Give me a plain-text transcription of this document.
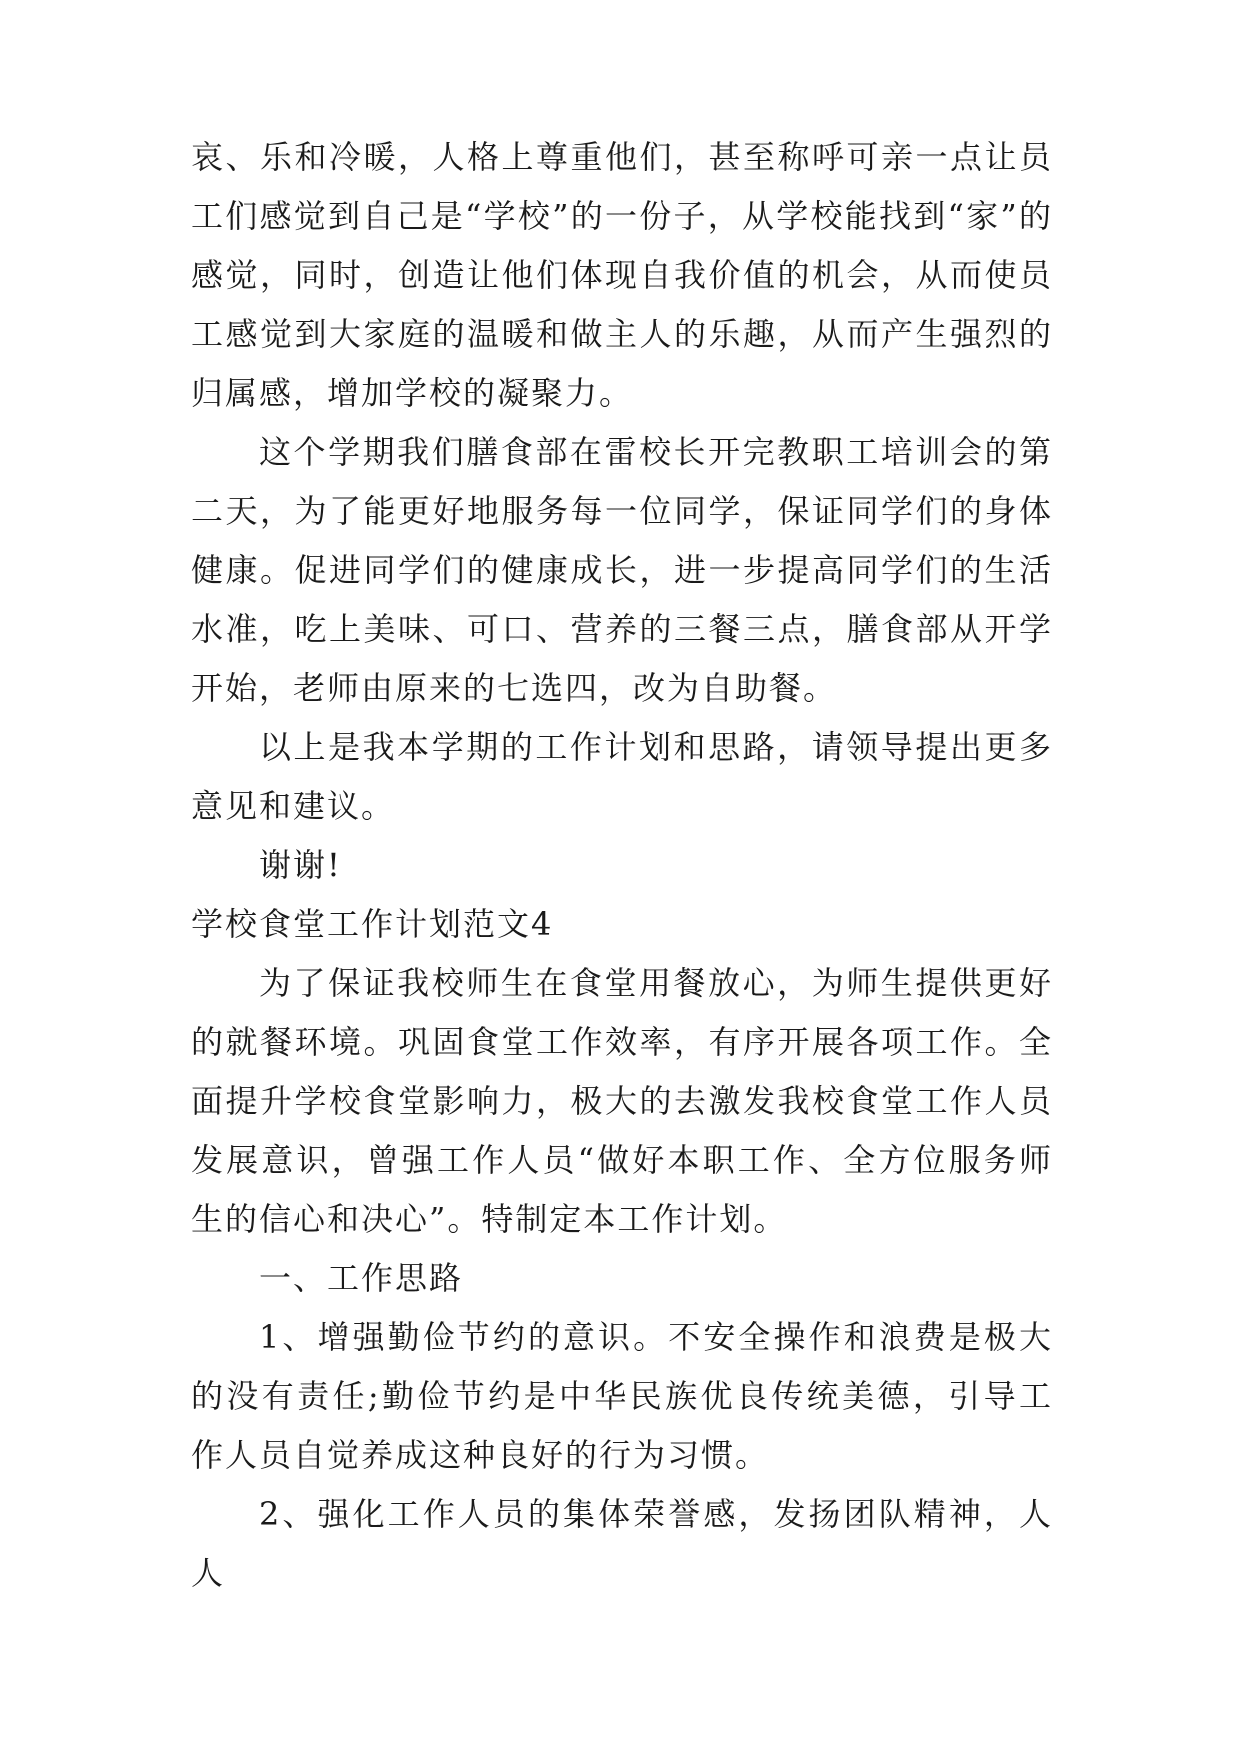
哀、乐和冷暖，人格上尊重他们，甚至称呼可亲一点让员工们感觉到自己是“学校”的一份子，从学校能找到“家”的感觉，同时，创造让他们体现自我价值的机会，从而使员工感觉到大家庭的温暖和做主人的乐趣，从而产生强烈的归属感，增加学校的凝聚力。

这个学期我们膳食部在雷校长开完教职工培训会的第二天，为了能更好地服务每一位同学，保证同学们的身体健康。促进同学们的健康成长，进一步提高同学们的生活水准，吃上美味、可口、营养的三餐三点，膳食部从开学开始，老师由原来的七选四，改为自助餐。

以上是我本学期的工作计划和思路，请领导提出更多意见和建议。

谢谢!

学校食堂工作计划范文4

为了保证我校师生在食堂用餐放心，为师生提供更好的就餐环境。巩固食堂工作效率，有序开展各项工作。全面提升学校食堂影响力，极大的去激发我校食堂工作人员发展意识，曾强工作人员“做好本职工作、全方位服务师生的信心和决心”。特制定本工作计划。

一、工作思路

1、增强勤俭节约的意识。不安全操作和浪费是极大的没有责任;勤俭节约是中华民族优良传统美德，引导工作人员自觉养成这种良好的行为习惯。

2、强化工作人员的集体荣誉感，发扬团队精神，人人
